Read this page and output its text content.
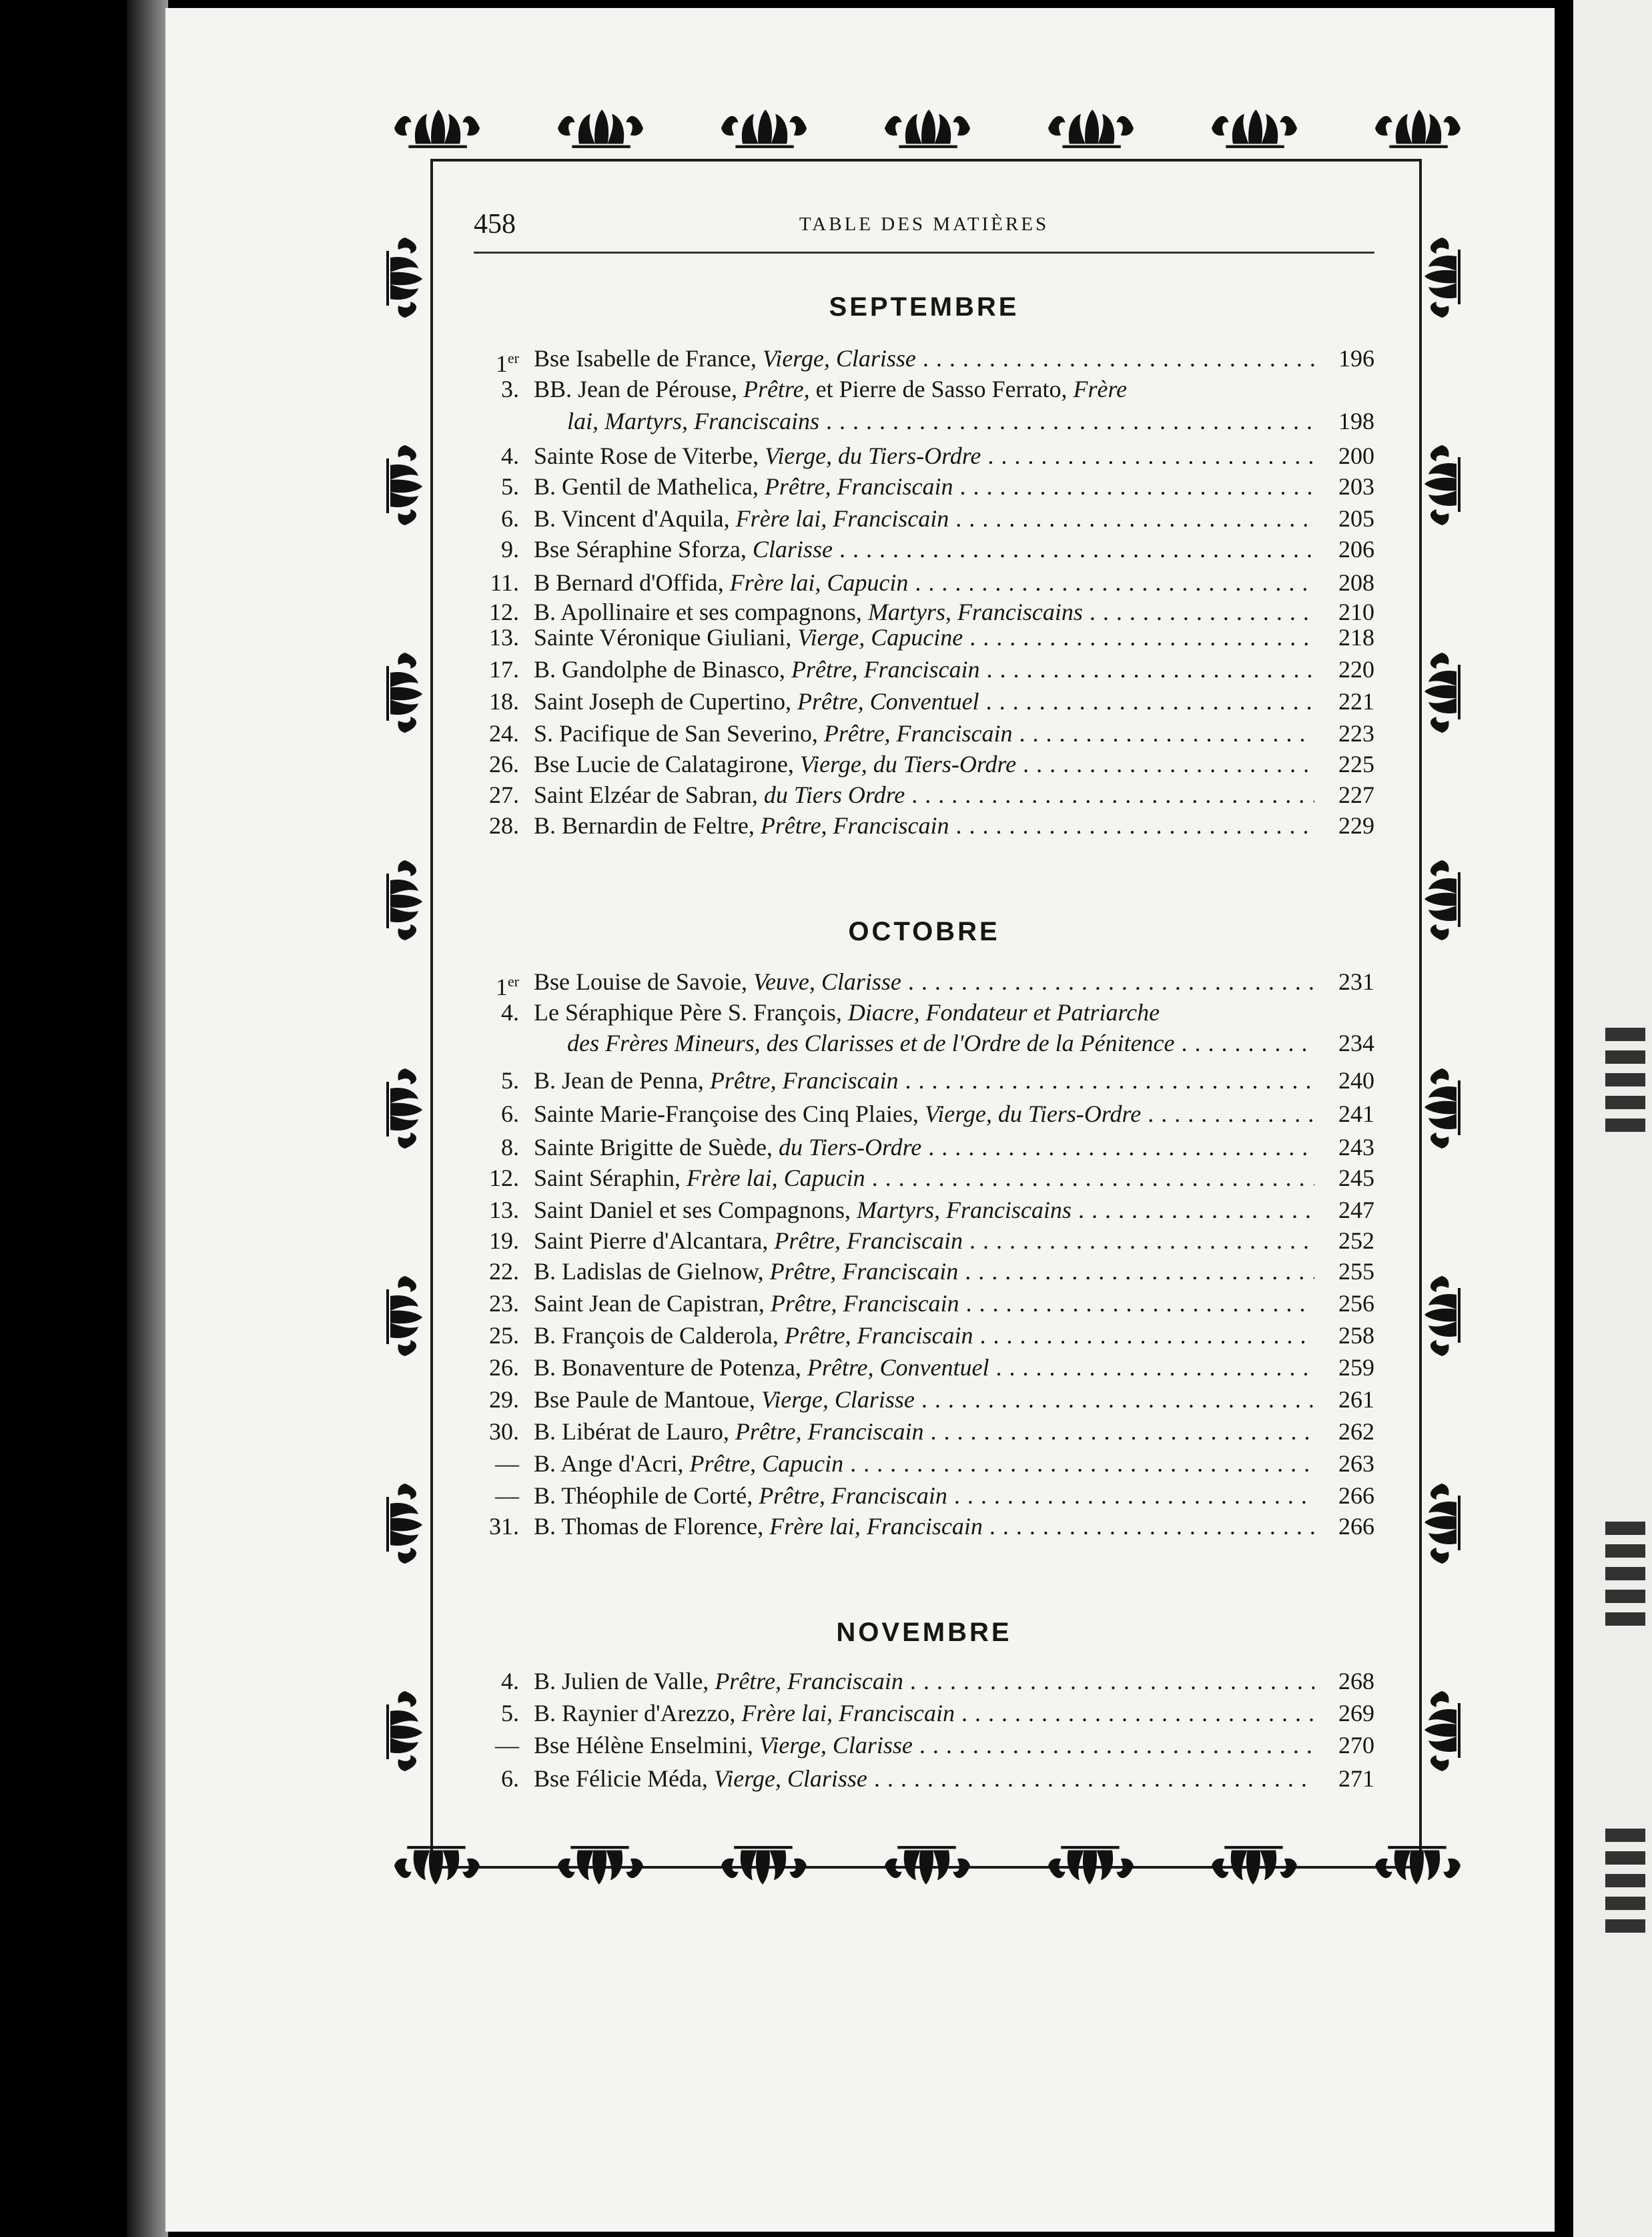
458	TABLE DES MATIÈRES
SEPTEMBRE
1er Bse Isabelle de France, Vierge, Clarisse . . .	196
3. BB. Jean de Pérouse, Prêtre, et Pierre de Sasso Ferrato, Frère
lai, Martyrs, Franciscains . . .	198
4. Sainte Rose de Viterbe, Vierge, du Tiers-Ordre . . .	200
5. B. Gentil de Mathelica, Prêtre, Franciscain . . .	203
6. B. Vincent d'Aquila, Frère lai, Franciscain . . .	205
9. Bse Séraphine Sforza, Clarisse . . .	206
11. B Bernard d'Offida, Frère lai, Capucin . . .	208
12. B. Apollinaire et ses compagnons, Martyrs, Franciscains . . .	210
13. Sainte Véronique Giuliani, Vierge, Capucine . . .	218
17. B. Gandolphe de Binasco, Prêtre, Franciscain . . .	220
18. Saint Joseph de Cupertino, Prêtre, Conventuel . . .	221
24. S. Pacifique de San Severino, Prêtre, Franciscain . . .	223
26. Bse Lucie de Calatagirone, Vierge, du Tiers-Ordre . . .	225
27. Saint Elzéar de Sabran, du Tiers Ordre . . .	227
28. B. Bernardin de Feltre, Prêtre, Franciscain . . .	229
OCTOBRE
1er Bse Louise de Savoie, Veuve, Clarisse . . .	231
4. Le Séraphique Père S. François, Diacre, Fondateur et Patriarche
des Frères Mineurs, des Clarisses et de l'Ordre de la Pénitence . . .	234
5. B. Jean de Penna, Prêtre, Franciscain . . .	240
6. Sainte Marie-Françoise des Cinq Plaies, Vierge, du Tiers-Ordre . . .	241
8. Sainte Brigitte de Suède, du Tiers-Ordre . . .	243
12. Saint Séraphin, Frère lai, Capucin . . .	245
13. Saint Daniel et ses Compagnons, Martyrs, Franciscains . . .	247
19. Saint Pierre d'Alcantara, Prêtre, Franciscain . . .	252
22. B. Ladislas de Gielnow, Prêtre, Franciscain . . .	255
23. Saint Jean de Capistran, Prêtre, Franciscain . . .	256
25. B. François de Calderola, Prêtre, Franciscain . . .	258
26. B. Bonaventure de Potenza, Prêtre, Conventuel . . .	259
29. Bse Paule de Mantoue, Vierge, Clarisse . . .	261
30. B. Libérat de Lauro, Prêtre, Franciscain . . .	262
— B. Ange d'Acri, Prêtre, Capucin . . .	263
— B. Théophile de Corté, Prêtre, Franciscain . . .	266
31. B. Thomas de Florence, Frère lai, Franciscain . . .	266
NOVEMBRE
4. B. Julien de Valle, Prêtre, Franciscain . . .	268
5. B. Raynier d'Arezzo, Frère lai, Franciscain . . .	269
— Bse Hélène Enselmini, Vierge, Clarisse . . .	270
6. Bse Félicie Méda, Vierge, Clarisse . . .	271
